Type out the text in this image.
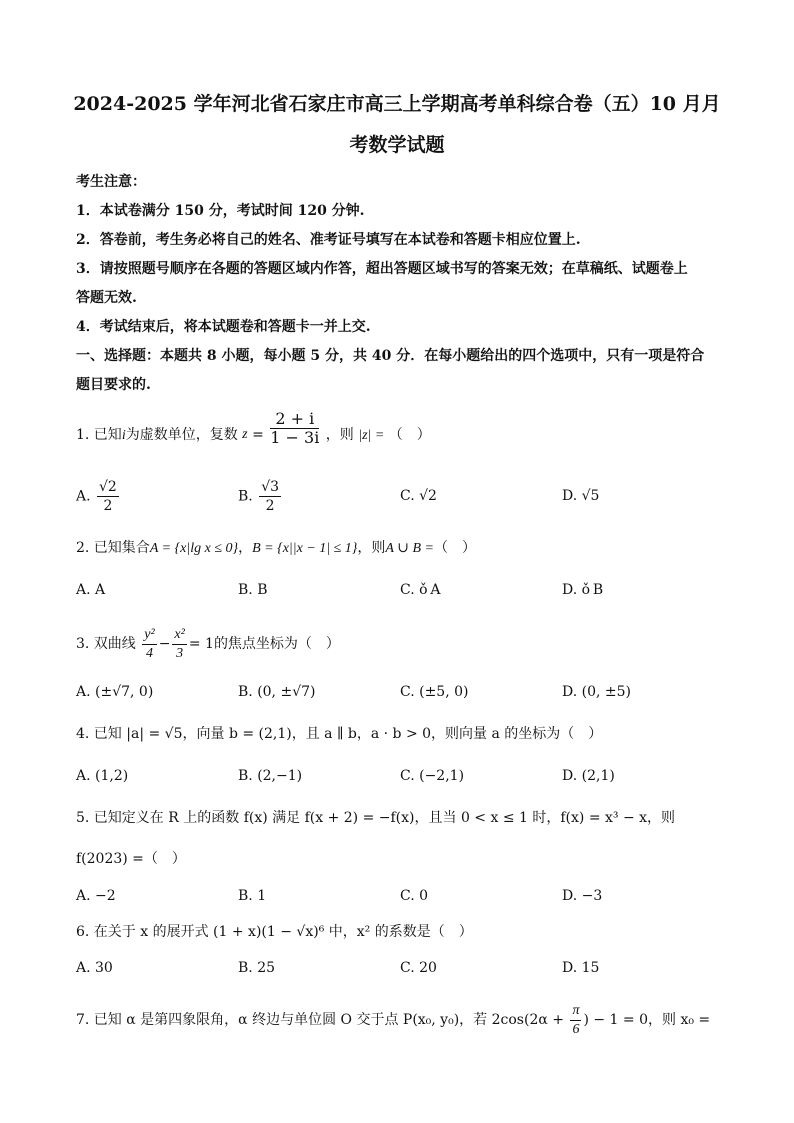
2024-2025 学年河北省石家庄市高三上学期高考单科综合卷（五）10 月月
考数学试题
考生注意：
1．本试卷满分 150 分，考试时间 120 分钟.
2．答卷前，考生务必将自己的姓名、准考证号填写在本试卷和答题卡相应位置上.
3．请按照题号顺序在各题的答题区域内作答，超出答题区域书写的答案无效；在草稿纸、试题卷上
答题无效.
4．考试结束后，将本试题卷和答题卡一并上交.
一、选择题：本题共 8 小题，每小题 5 分，共 40 分．在每小题给出的四个选项中，只有一项是符合
题目要求的.
1. 已知i为虚数单位，复数 $z = \frac{2 + i}{1 - 3i}$ ，则 |z| = （　）
A. $\frac{√2}{2}$	B. $\frac{√3}{2}$	C. √2	D. √5
2. 已知集合A = {x|lg x ≤ 0}，B = {x||x − 1| ≤ 1}，则A ∪ B =（　）
A. A	B. B	C. ǒ A	D. ǒ B
3. 双曲线 $\frac{\text{y²}}{4} - \frac{\text{x²}}{3} = 1$的焦点坐标为（　）
A. (±√7, 0)	B. (0, ±√7)	C. (±5, 0)	D. (0, ±5)
4. 已知 |a| = √5，向量 b = (2,1)，且 a ∥ b，a · b > 0，则向量 a 的坐标为（　）
A. (1,2)	B. (2,−1)	C. (−2,1)	D. (2,1)
5. 已知定义在 R 上的函数 f(x) 满足 f(x + 2) = −f(x)，且当 0 < x ≤ 1 时，f(x) = x³ − x，则
f(2023) =（　）
A. −2	B. 1	C. 0	D. −3
6. 在关于 x 的展开式 (1 + x)(1 − √x)⁶ 中，x² 的系数是（　）
A. 30	B. 25	C. 20	D. 15
7. 已知 α 是第四象限角，α 终边与单位圆 O 交于点 P(x₀, y₀)，若 $2\cos(2\alpha + \frac{\pi}{6}$ ) − 1 = 0，则 x₀ =
